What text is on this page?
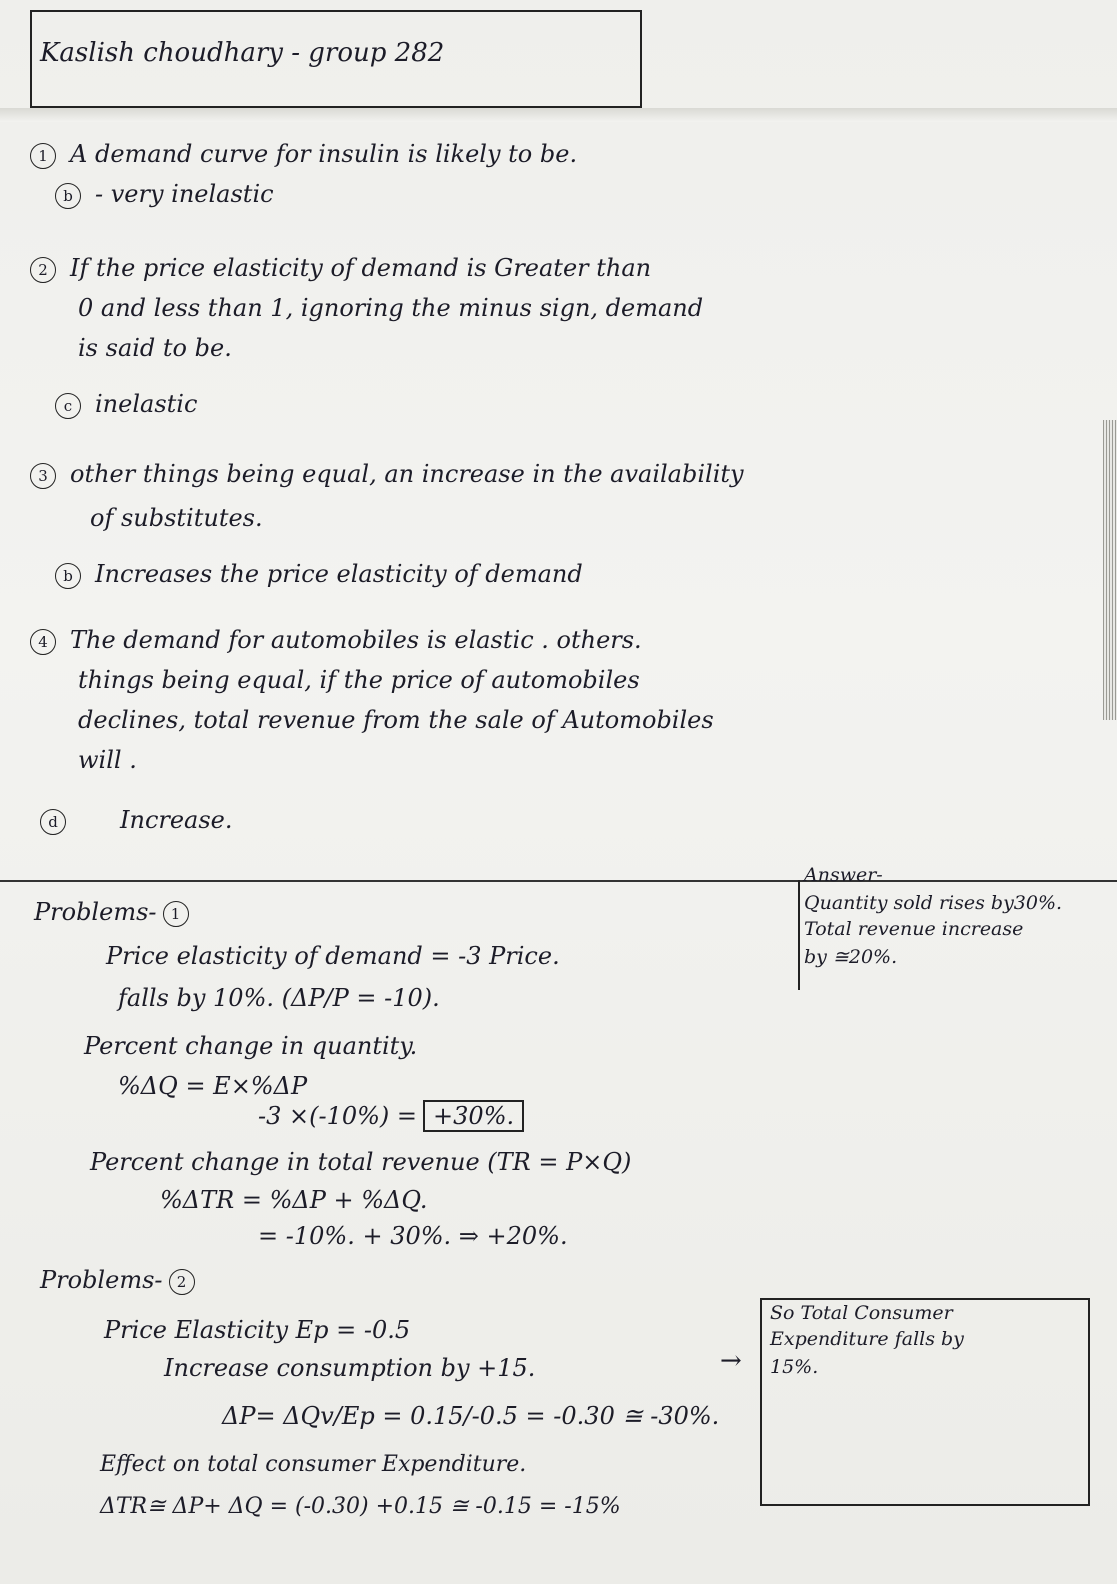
Kaslish choudhary - group 282
1 A demand curve for insulin is likely to be.
b - very inelastic
2 If the price elasticity of demand is Greater than
0 and less than 1, ignoring the minus sign, demand
is said to be.
c inelastic
3 other things being equal, an increase in the availability
of substitutes.
b Increases the price elasticity of demand
4 The demand for automobiles is elastic . others.
things being equal, if the price of automobiles
declines, total revenue from the sale of Automobiles
will .
d	Increase.
Problems- 1
Price elasticity of demand = -3 Price.
falls by 10%. (ΔP/P = -10).
Percent change in quantity.
%ΔQ = E×%ΔP
-3 ×(-10%) = +30%.
Percent change in total revenue (TR = P×Q)
%ΔTR = %ΔP + %ΔQ.
= -10%. + 30%. ⇒ +20%.
Answer-
Quantity sold rises by30%.
Total revenue increase
by ≅20%.
Problems- 2
Price Elasticity Ep = -0.5
Increase consumption by +15.
ΔP= ΔQv/Ep = 0.15/-0.5 = -0.30 ≅ -30%.
Effect on total consumer Expenditure.
ΔTR≅ ΔP+ ΔQ = (-0.30) +0.15 ≅ -0.15 = -15%
→
So Total Consumer
Expenditure falls by
15%.
